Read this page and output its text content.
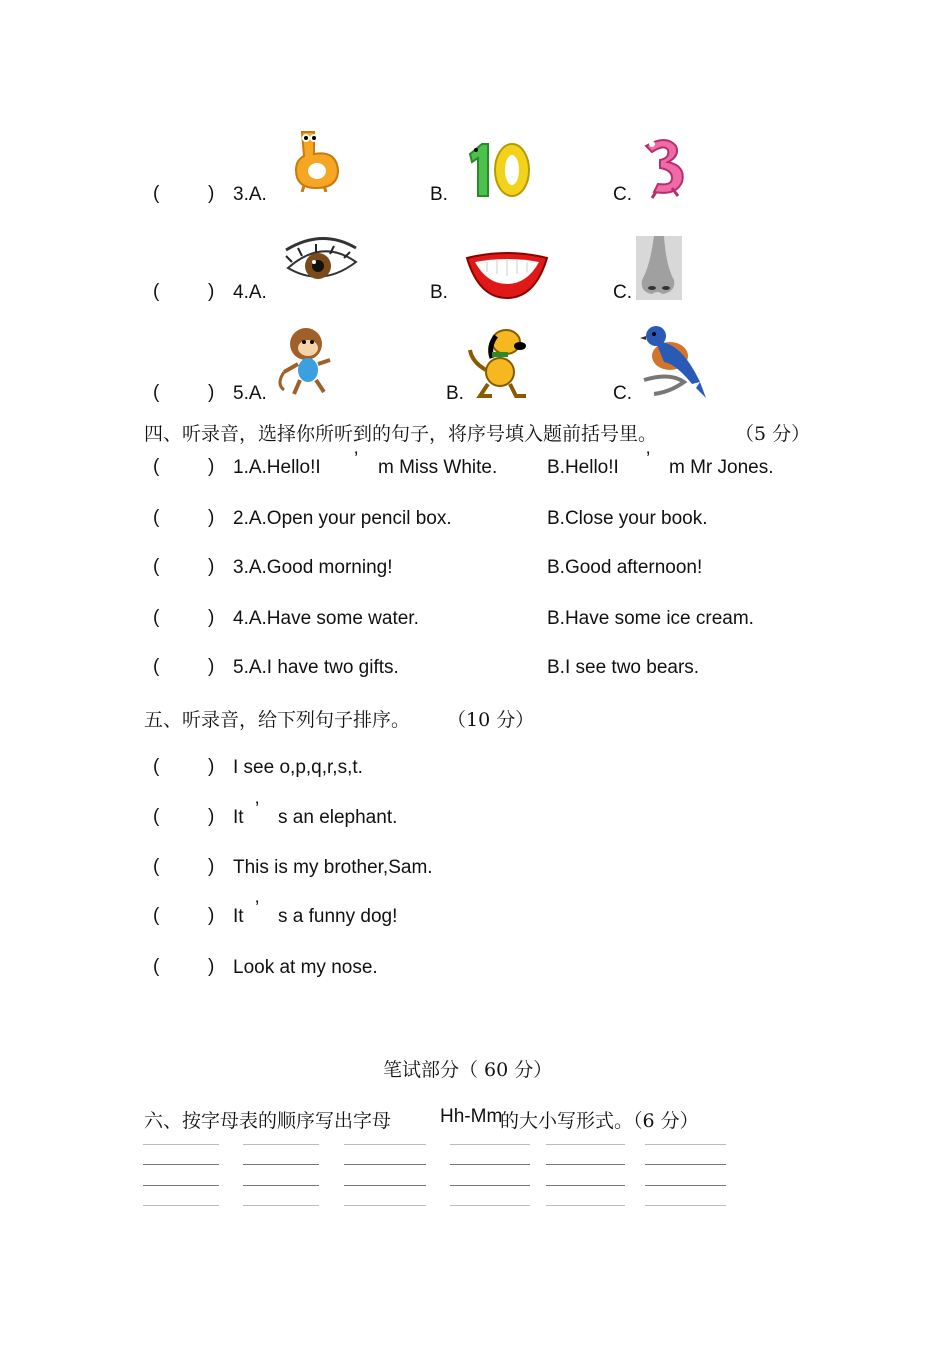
(	) 3.A.	B.	C.
(	) 4.A.	B.	C.
(	) 5.A.	B.	C.
四、听录音，选择你所听到的句子，将序号填入题前括号里。	（5 分）
(	) 1.A.Hello!I ’ m Miss White.	B.Hello!I ’ m Mr Jones.
(	) 2.A.Open your pencil box.	B.Close your book.
(	) 3.A.Good morning!	B.Good afternoon!
(	) 4.A.Have some water.	B.Have some ice cream.
(	) 5.A.I have two gifts.	B.I see two bears.
五、听录音，给下列句子排序。 （10 分）
(	) I see o,p,q,r,s,t.
(	) It ’ s an elephant.
(	) This is my brother,Sam.
(	) It ’ s a funny dog!
(	) Look at my nose.
笔试部分（ 60 分）
六、按字母表的顺序写出字母	Hh-Mm
的大小写形式。（6 分）
